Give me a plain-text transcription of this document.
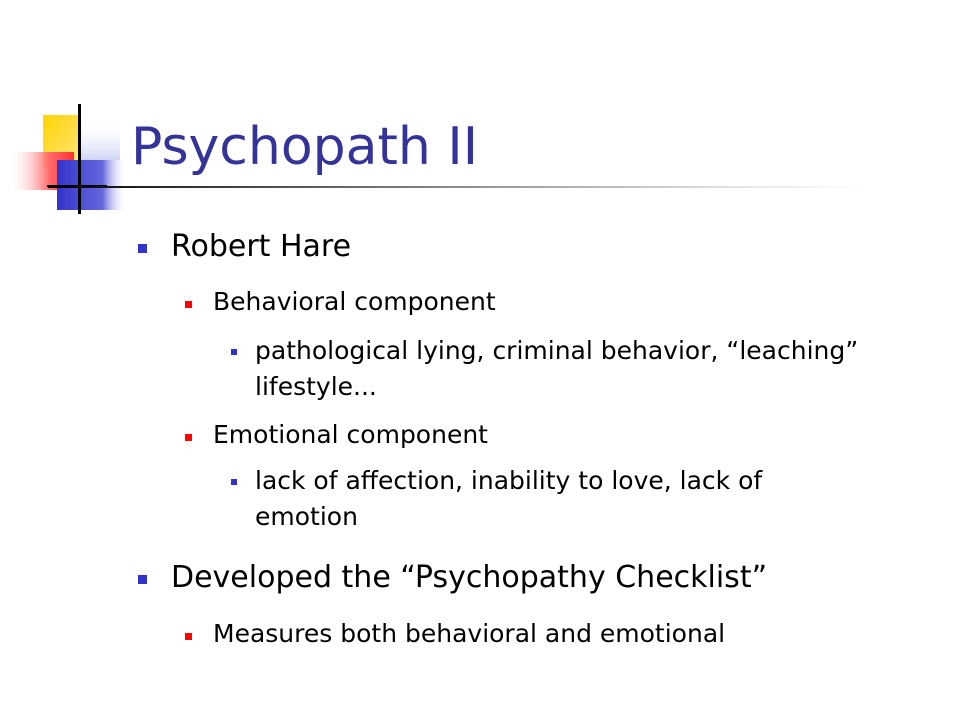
Psychopath II
Robert Hare
Behavioral component
pathological lying, criminal behavior, “leaching”
lifestyle...
Emotional component
lack of affection, inability to love, lack of
emotion
Developed the “Psychopathy Checklist”
Measures both behavioral and emotional
